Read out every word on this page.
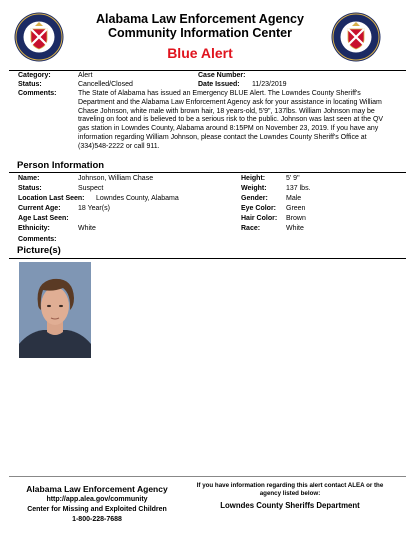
Alabama Law Enforcement Agency
Community Information Center
Blue Alert
Category:	Alert	Case Number:
Status:	Cancelled/Closed	Date Issued: 11/23/2019
Comments:	The State of Alabama has issued an Emergency BLUE Alert. The Lowndes County Sheriff's Department and the Alabama Law Enforcement Agency ask for your assistance in locating William Chase Johnson, white male with brown hair, 18 years-old, 5'9", 137lbs. William Johnson may be traveling on foot and is believed to be a serious risk to the public. Johnson was last seen at the QV gas station in Lowndes County, Alabama around 8:15PM on November 23, 2019. If you have any information regarding William Johnson, please contact the Lowndes County Sheriff's Office at (334)548-2222 or call 911.
Person Information
Name:	Johnson, William Chase	Height:	5' 9"
Status:	Suspect	Weight:	137 lbs.
Location Last Seen: Lowndes County, Alabama	Gender:	Male
Current Age: 18 Year(s)	Eye Color: Green
Age Last Seen:	Hair Color: Brown
Ethnicity:	White	Race:	White
Comments:
Picture(s)
Alabama Law Enforcement Agency
http://app.alea.gov/community
Center for Missing and Exploited Children
1-800-228-7688
If you have information regarding this alert contact ALEA or the agency listed below:
Lowndes County Sheriffs Department
